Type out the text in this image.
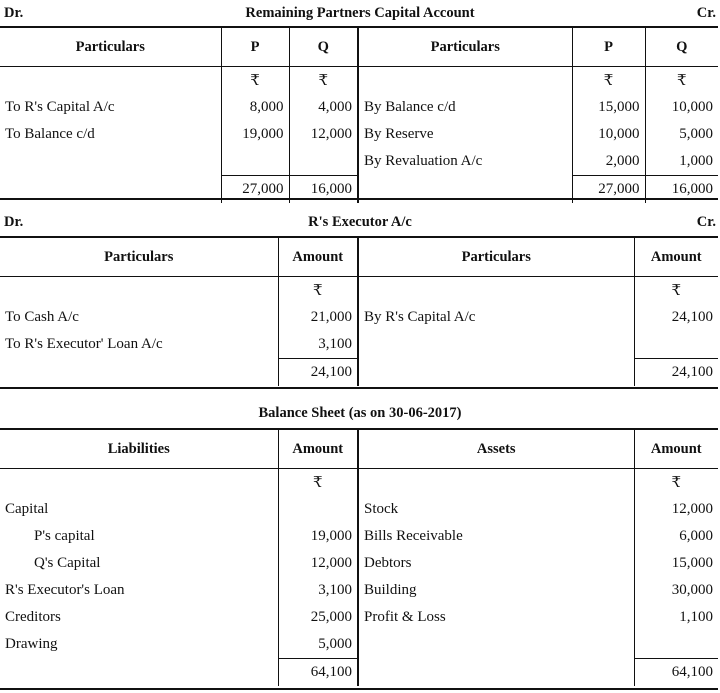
Dr.	Remaining Partners Capital Account	Cr.
Particulars	P	Q	Particulars	P	Q
	₹	₹		₹	₹
To R's Capital A/c	8,000	4,000	By Balance c/d	15,000	10,000
To Balance c/d	19,000	12,000	By Reserve	10,000	5,000
			By Revaluation A/c	2,000	1,000
	27,000	16,000		27,000	16,000
Dr.	R's Executor A/c	Cr.
Particulars	Amount	Particulars	Amount
	₹		₹
To Cash A/c	21,000	By R's Capital A/c	24,100
To R's Executor' Loan A/c	3,100		
	24,100		24,100
Balance Sheet (as on 30-06-2017)
Liabilities	Amount	Assets	Amount
	₹		₹
Capital		Stock	12,000
P's capital	19,000	Bills Receivable	6,000
Q's Capital	12,000	Debtors	15,000
R's Executor's Loan	3,100	Building	30,000
Creditors	25,000	Profit & Loss	1,100
Drawing	5,000		
	64,100		64,100
